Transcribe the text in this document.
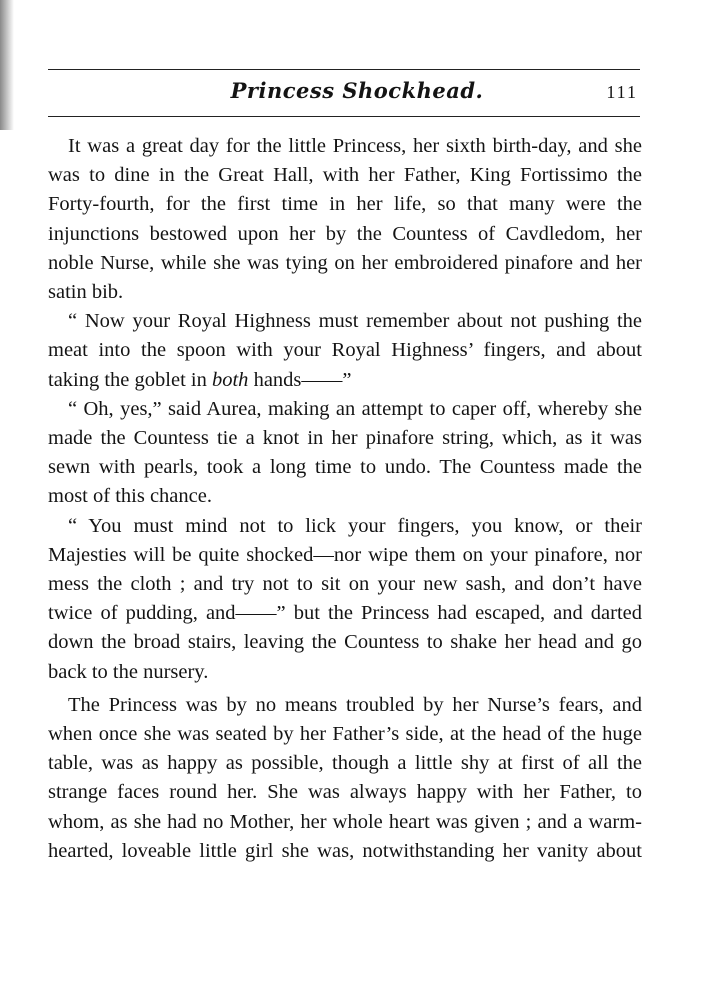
Princess Shockhead.	111

It was a great day for the little Princess, her sixth birth-day, and she was to dine in the Great Hall, with her Father, King Fortissimo the Forty-fourth, for the first time in her life, so that many were the injunctions bestowed upon her by the Countess of Cavdledom, her noble Nurse, while she was tying on her embroidered pinafore and her satin bib.

“ Now your Royal Highness must remember about not pushing the meat into the spoon with your Royal Highness’ fingers, and about taking the goblet in both hands——”

“ Oh, yes,” said Aurea, making an attempt to caper off, whereby she made the Countess tie a knot in her pinafore string, which, as it was sewn with pearls, took a long time to undo. The Countess made the most of this chance.

“ You must mind not to lick your fingers, you know, or their Majesties will be quite shocked—nor wipe them on your pinafore, nor mess the cloth ; and try not to sit on your new sash, and don’t have twice of pudding, and——” but the Princess had escaped, and darted down the broad stairs, leaving the Countess to shake her head and go back to the nursery.

The Princess was by no means troubled by her Nurse’s fears, and when once she was seated by her Father’s side, at the head of the huge table, was as happy as possible, though a little shy at first of all the strange faces round her. She was always happy with her Father, to whom, as she had no Mother, her whole heart was given ; and a warm-hearted, loveable little girl she was, notwithstanding her vanity about
